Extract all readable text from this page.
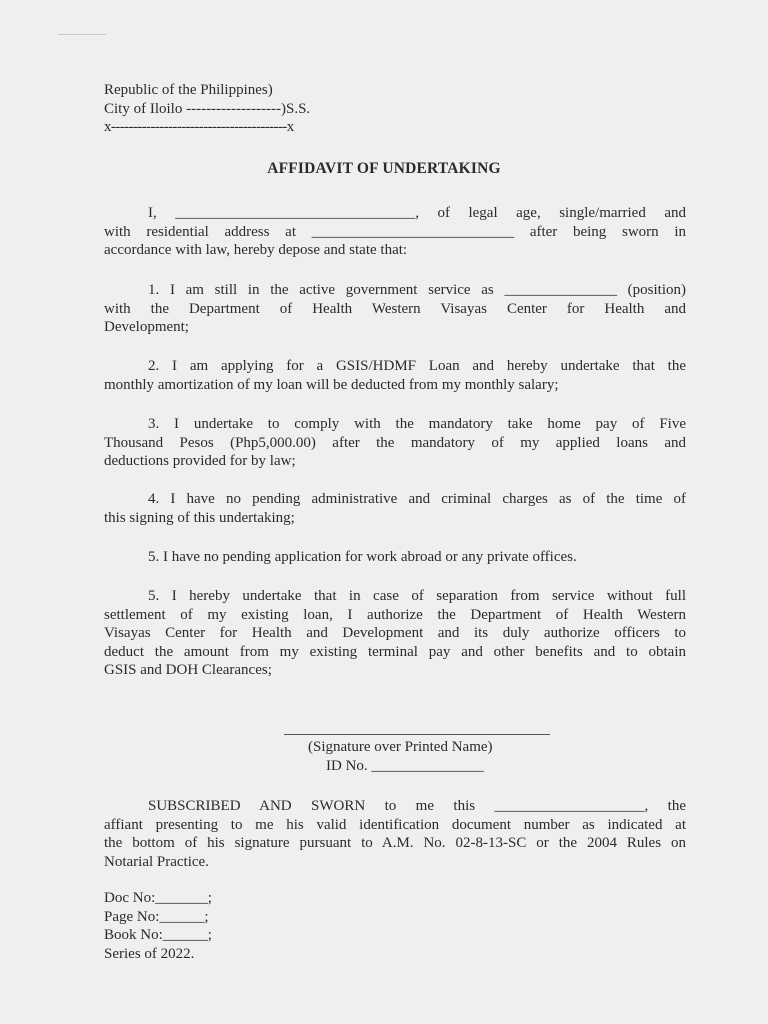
Republic of the Philippines)
City of Iloilo -------------------)S.S.
x----------------------------------------x
AFFIDAVIT OF UNDERTAKING
I, ________________________________, of legal age, single/married and
with residential address at ___________________________ after being sworn in
accordance with law, hereby depose and state that:
1. I am still in the active government service as _______________ (position)
with the Department of Health Western Visayas Center for Health and
Development;
2. I am applying for a GSIS/HDMF Loan and hereby undertake that the
monthly amortization of my loan will be deducted from my monthly salary;
3. I undertake to comply with the mandatory take home pay of Five
Thousand Pesos (Php5,000.00) after the mandatory of my applied loans and
deductions provided for by law;
4. I have no pending administrative and criminal charges as of the time of
this signing of this undertaking;
5. I have no pending application for work abroad or any private offices.
5. I hereby undertake that in case of separation from service without full
settlement of my existing loan, I authorize the Department of Health Western
Visayas Center for Health and Development and its duly authorize officers to
deduct the amount from my existing terminal pay and other benefits and to obtain
GSIS and DOH Clearances;
(Signature over Printed Name)
ID No. _______________
SUBSCRIBED AND SWORN to me this ____________________, the
affiant presenting to me his valid identification document number as indicated at
the bottom of his signature pursuant to A.M. No. 02-8-13-SC or the 2004 Rules on
Notarial Practice.
Doc No:_______;
Page No:______;
Book No:______;
Series of 2022.
